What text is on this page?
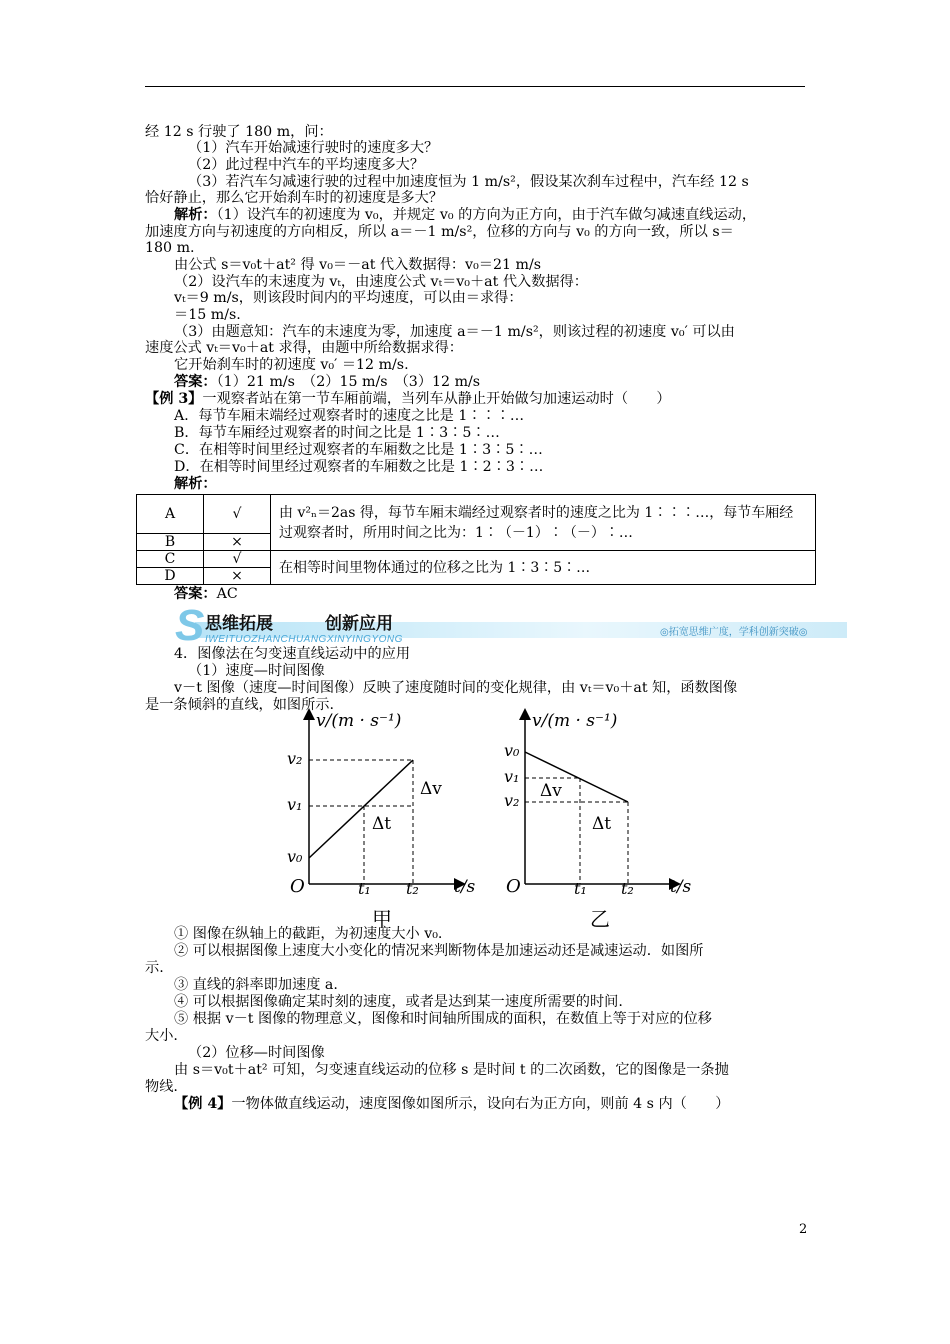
经 12 s 行驶了 180 m，问：
（1）汽车开始减速行驶时的速度多大？
（2）此过程中汽车的平均速度多大？
（3）若汽车匀减速行驶的过程中加速度恒为 1 m/s²，假设某次刹车过程中，汽车经 12 s
恰好静止，那么它开始刹车时的初速度是多大？
解析：（1）设汽车的初速度为 v₀，并规定 v₀ 的方向为正方向，由于汽车做匀减速直线运动，
加速度方向与初速度的方向相反，所以 a＝－1 m/s²，位移的方向与 v₀ 的方向一致，所以 s＝
180 m.
由公式 s＝v₀t＋at² 得 v₀＝－at 代入数据得：v₀＝21 m/s
（2）设汽车的末速度为 vₜ，由速度公式 vₜ＝v₀＋at 代入数据得：
vₜ＝9 m/s，则该段时间内的平均速度，可以由＝求得：
＝15 m/s.
（3）由题意知：汽车的末速度为零，加速度 a＝－1 m/s²，则该过程的初速度 v₀′ 可以由
速度公式 vₜ＝v₀＋at 求得，由题中所给数据求得：
它开始刹车时的初速度 v₀′ ＝12 m/s.
答案：（1）21 m/s　（2）15 m/s　（3）12 m/s
【例 3】一观察者站在第一节车厢前端，当列车从静止开始做匀加速运动时（　　）
A．每节车厢末端经过观察者时的速度之比是 1∶∶∶…
B．每节车厢经过观察者的时间之比是 1∶3∶5∶…
C．在相等时间里经过观察者的车厢数之比是 1∶3∶5∶…
D．在相等时间里经过观察者的车厢数之比是 1∶2∶3∶…
解析：
A	√	由 v²ₙ＝2as 得，每节车厢末端经过观察者时的速度之比为 1∶∶∶…，每节车厢经过观察者时，所用时间之比为：1∶（－1）∶（－）∶…

B	×	
C	√	在相等时间里物体通过的位移之比为 1∶3∶5∶…
D	×	
答案：AC
S 思维拓展	创新应用
IWEITUOZHANCHUANGXINYINGYONG
◎拓宽思维广度，学科创新突破◎
4．图像法在匀变速直线运动中的应用
（1）速度—时间图像
v－t 图像（速度—时间图像）反映了速度随时间的变化规律，由 vₜ＝v₀＋at 知，函数图像
是一条倾斜的直线，如图所示.
v/(m · s⁻¹)
v₂
v₁
v₀
Δv
Δt
O	t₁ t₂ t/s
甲
v/(m · s⁻¹)
v₀
v₁
v₂ Δv
Δt
O	t₁ t₂ t/s
乙
① 图像在纵轴上的截距，为初速度大小 v₀.
② 可以根据图像上速度大小变化的情况来判断物体是加速运动还是减速运动．如图所
示.
③ 直线的斜率即加速度 a.
④ 可以根据图像确定某时刻的速度，或者是达到某一速度所需要的时间.
⑤ 根据 v－t 图像的物理意义，图像和时间轴所围成的面积，在数值上等于对应的位移
大小.
（2）位移—时间图像
由 s＝v₀t＋at² 可知，匀变速直线运动的位移 s 是时间 t 的二次函数，它的图像是一条抛
物线.
【例 4】一物体做直线运动，速度图像如图所示，设向右为正方向，则前 4 s 内（　　）
2
